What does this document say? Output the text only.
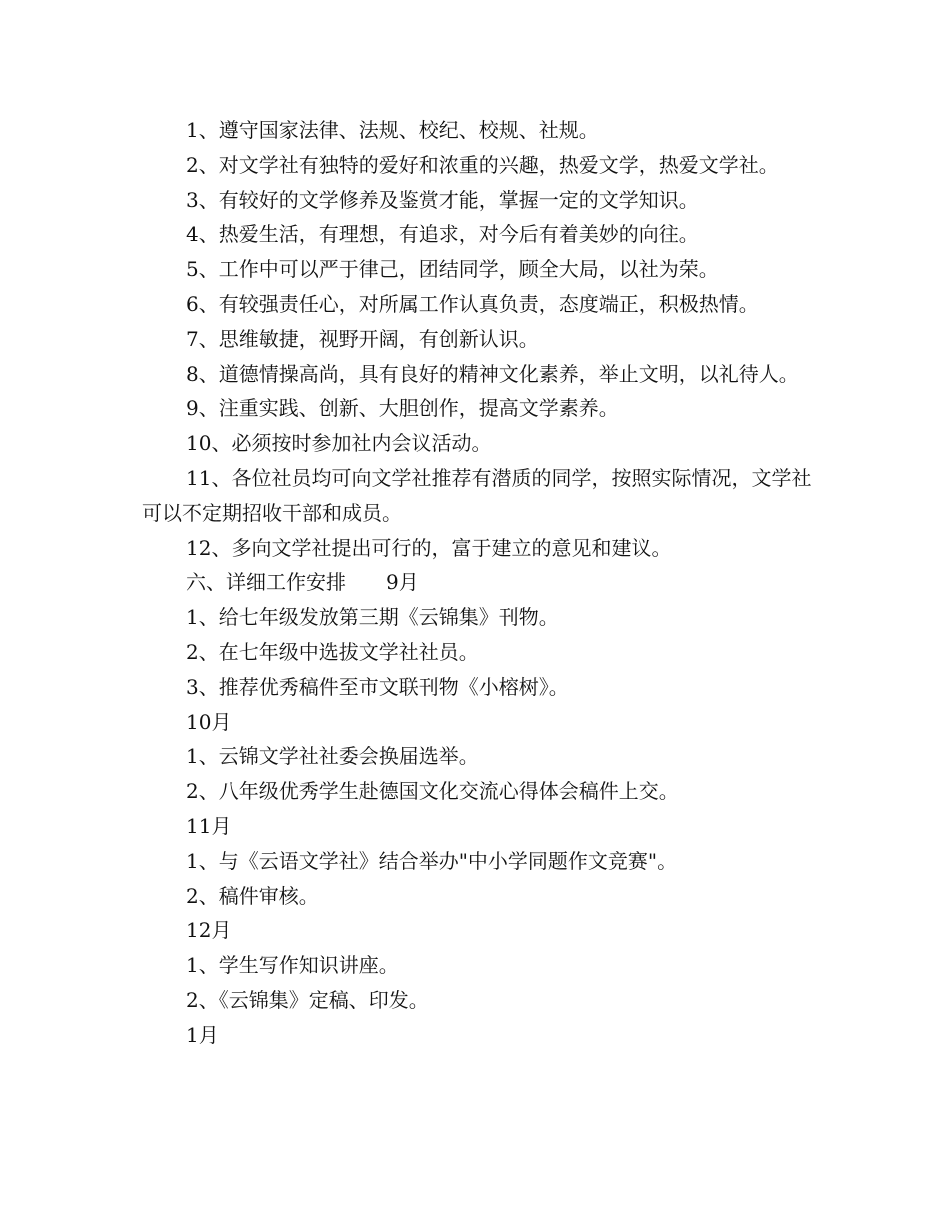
1、遵守国家法律、法规、校纪、校规、社规。
2、对文学社有独特的爱好和浓重的兴趣，热爱文学，热爱文学社。
3、有较好的文学修养及鉴赏才能，掌握一定的文学知识。
4、热爱生活，有理想，有追求，对今后有着美妙的向往。
5、工作中可以严于律己，团结同学，顾全大局，以社为荣。
6、有较强责任心，对所属工作认真负责，态度端正，积极热情。
7、思维敏捷，视野开阔，有创新认识。
8、道德情操高尚，具有良好的精神文化素养，举止文明，以礼待人。
9、注重实践、创新、大胆创作，提高文学素养。
10、必须按时参加社内会议活动。
11、各位社员均可向文学社推荐有潜质的同学，按照实际情况，文学社可以不定期招收干部和成员。
12、多向文学社提出可行的，富于建立的意见和建议。
六、详细工作安排　　9月
1、给七年级发放第三期《云锦集》刊物。
2、在七年级中选拔文学社社员。
3、推荐优秀稿件至市文联刊物《小榕树》。
10月
1、云锦文学社社委会换届选举。
2、八年级优秀学生赴德国文化交流心得体会稿件上交。
11月
1、与《云语文学社》结合举办"中小学同题作文竞赛"。
2、稿件审核。
12月
1、学生写作知识讲座。
2、《云锦集》定稿、印发。
1月
